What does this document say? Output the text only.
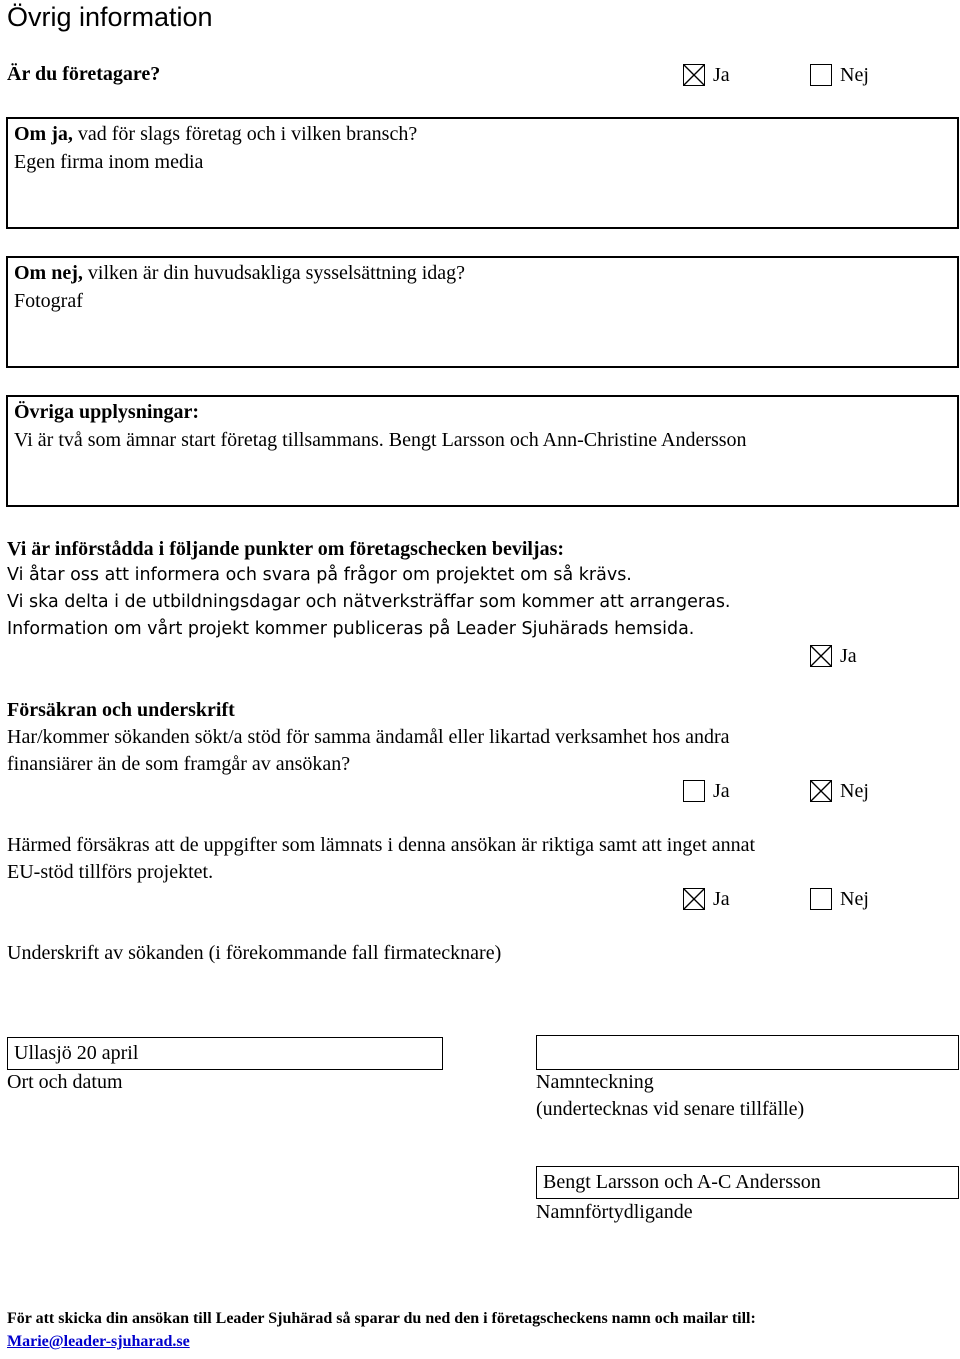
Övrig information
Är du företagare?	Ja	Nej
Om ja, vad för slags företag och i vilken bransch?
Egen firma inom media
Om nej, vilken är din huvudsakliga sysselsättning idag?
Fotograf
Övriga upplysningar:
Vi är två som ämnar start företag tillsammans. Bengt Larsson och Ann-Christine Andersson
Vi är införstådda i följande punkter om företagschecken beviljas:
Vi åtar oss att informera och svara på frågor om projektet om så krävs.
Vi ska delta i de utbildningsdagar och nätverksträffar som kommer att arrangeras.
Information om vårt projekt kommer publiceras på Leader Sjuhärads hemsida.
Ja
Försäkran och underskrift
Har/kommer sökanden sökt/a stöd för samma ändamål eller likartad verksamhet hos andra
finansiärer än de som framgår av ansökan?
Ja	Nej
Härmed försäkras att de uppgifter som lämnats i denna ansökan är riktiga samt att inget annat
EU-stöd tillförs projektet.
Ja	Nej
Underskrift av sökanden (i förekommande fall firmatecknare)
Ullasjö 20 april
Ort och datum	Namnteckning
(undertecknas vid senare tillfälle)
Bengt Larsson och A-C Andersson
Namnförtydligande
För att skicka din ansökan till Leader Sjuhärad så sparar du ned den i företagscheckens namn och mailar till:
Marie@leader-sjuharad.se
